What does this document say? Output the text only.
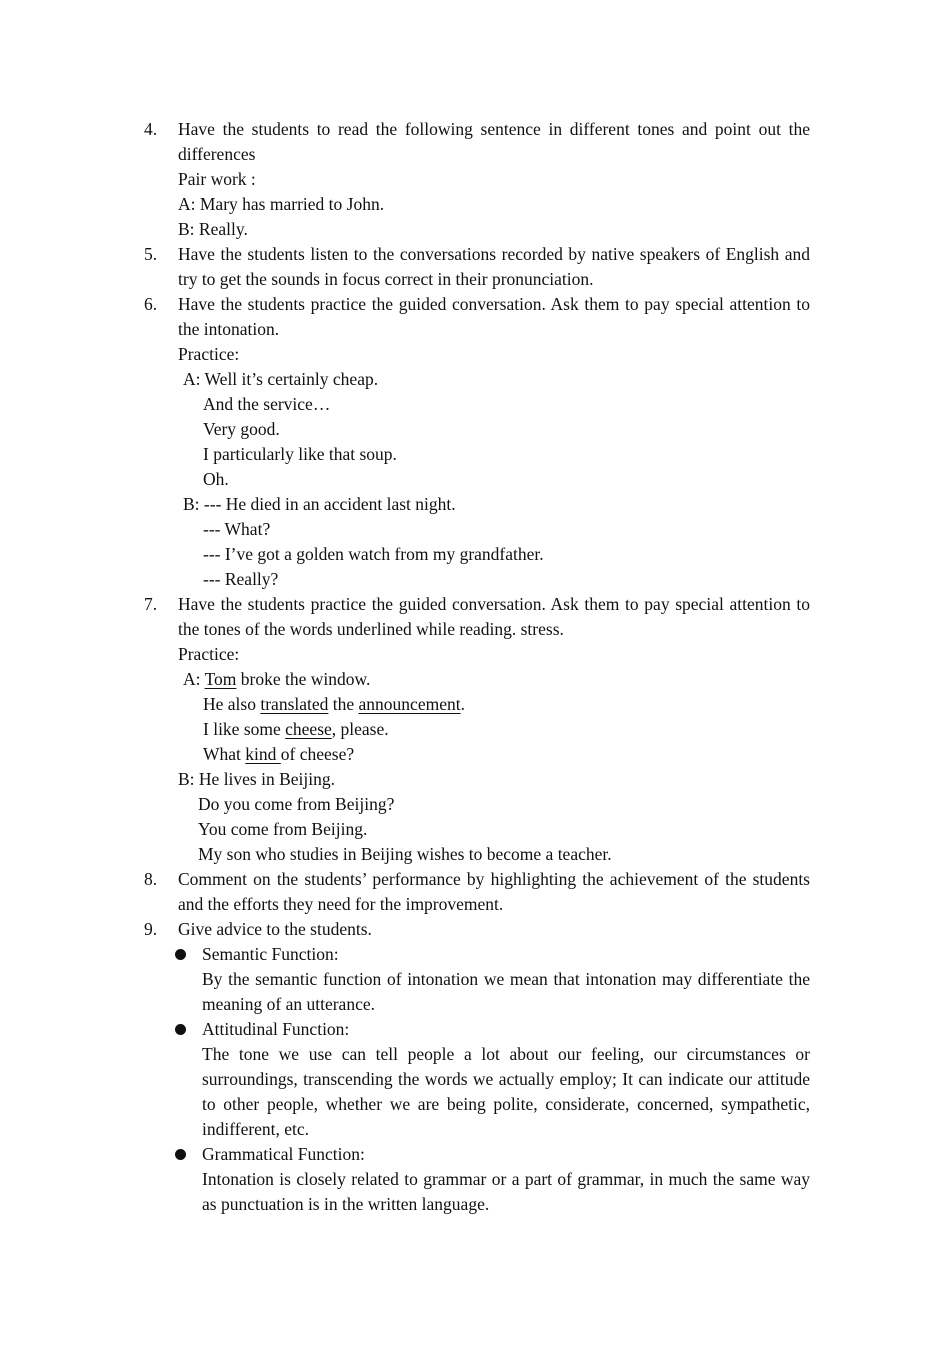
4. Have the students to read the following sentence in different tones and point out the differences
Pair work :
A: Mary has married to John.
B: Really.
5. Have the students listen to the conversations recorded by native speakers of English and try to get the sounds in focus correct in their pronunciation.
6. Have the students practice the guided conversation. Ask them to pay special attention to the intonation.
Practice:
A: Well it’s certainly cheap.
And the service…
Very good.
I particularly like that soup.
Oh.
B: --- He died in an accident last night.
--- What?
--- I’ve got a golden watch from my grandfather.
--- Really?
7. Have the students practice the guided conversation. Ask them to pay special attention to the tones of the words underlined while reading. stress.
Practice:
A: Tom broke the window.
He also translated the announcement.
I like some cheese, please.
What kind of cheese?
B: He lives in Beijing.
Do you come from Beijing?
You come from Beijing.
My son who studies in Beijing wishes to become a teacher.
8. Comment on the students’ performance by highlighting the achievement of the students and the efforts they need for the improvement.
9. Give advice to the students.
Semantic Function:
By the semantic function of intonation we mean that intonation may differentiate the meaning of an utterance.
Attitudinal Function:
The tone we use can tell people a lot about our feeling, our circumstances or surroundings, transcending the words we actually employ; It can indicate our attitude to other people, whether we are being polite, considerate, concerned, sympathetic, indifferent, etc.
Grammatical Function:
Intonation is closely related to grammar or a part of grammar, in much the same way as punctuation is in the written language.
